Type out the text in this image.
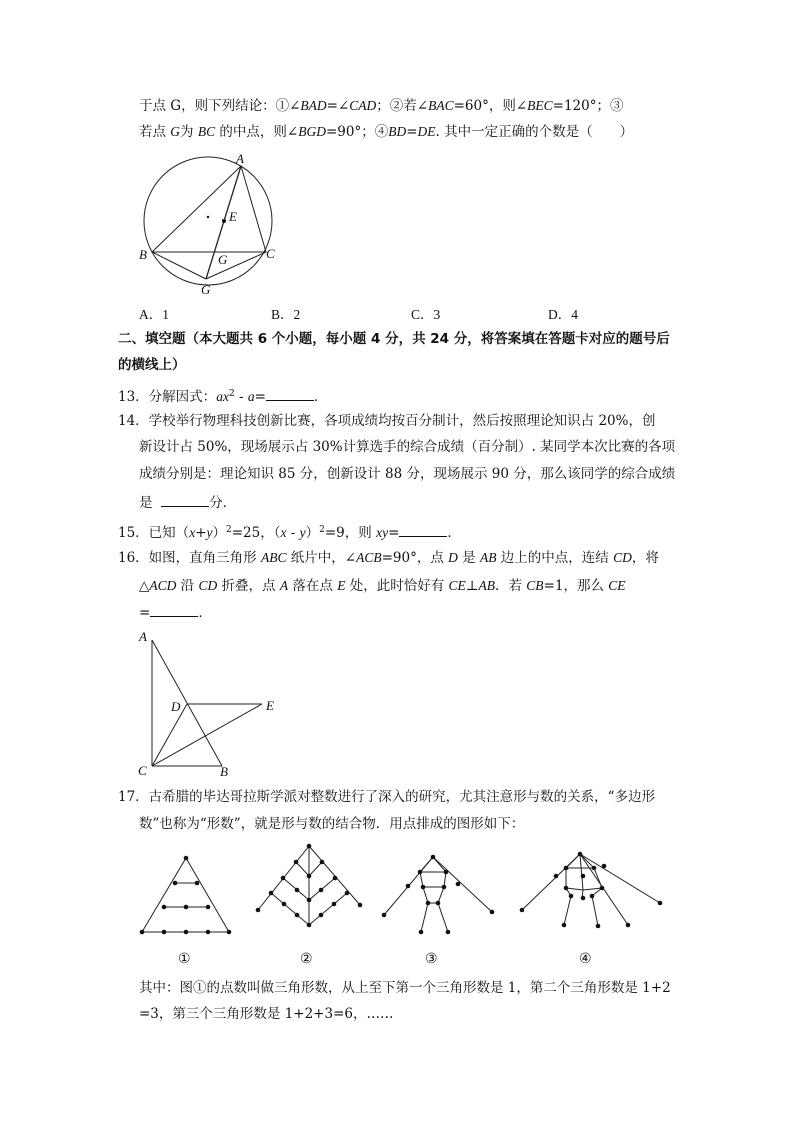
于点 G，则下列结论：①∠BAD=∠CAD；②若∠BAC=60°，则∠BEC=120°；③
若点 G为 BC 的中点，则∠BGD=90°；④BD=DE. 其中一定正确的个数是（　　）
A
E
B	C
G
G
A．1	B．2	C．3	D．4
二、填空题（本大题共 6 个小题，每小题 4 分，共 24 分，将答案填在答题卡对应的题号后
的横线上）
13．分解因式：$ax^2 - a=$	．
14．学校举行物理科技创新比赛，各项成绩均按百分制计，然后按照理论知识占 20%，创
新设计占 50%，现场展示占 30%计算选手的综合成绩（百分制）. 某同学本次比赛的各项
成绩分别是：理论知识 85 分，创新设计 88 分，现场展示 90 分，那么该同学的综合成绩
是	分．
15．已知$(x+y)^2=25$，（x - y）$^2$=9，则 xy=	．
16．如图，直角三角形 ABC 纸片中，∠ACB=90°，点 D 是 AB 边上的中点，连结 CD，将
△ACD 沿 CD 折叠，点 A 落在点 E 处，此时恰好有 CE⊥AB．若 CB=1，那么 CE
=	．
A
D	E
C	B
17．古希腊的毕达哥拉斯学派对整数进行了深入的研究，尤其注意形与数的关系，“多边形
数”也称为“形数”，就是形与数的结合物．用点排成的图形如下：
①	②	③	④
其中：图①的点数叫做三角形数，从上至下第一个三角形数是 1，第二个三角形数是 1+2
=3，第三个三角形数是 1+2+3=6，……
